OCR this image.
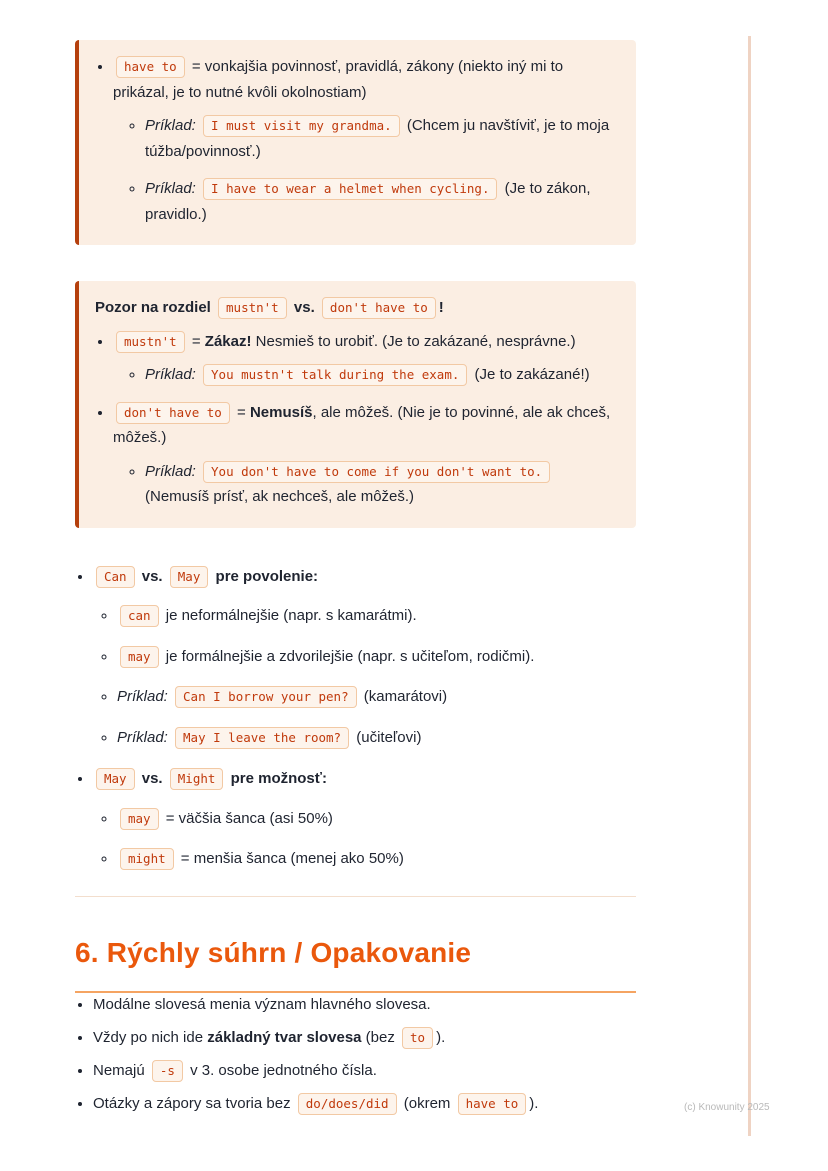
• have to = vonkajšia povinnosť, pravidlá, zákony (niekto iný mi to prikázal, je to nutné kvôli okolnostiam)
◦ Príklad: I must visit my grandma. (Chcem ju navštíviť, je to moja túžba/povinnosť.)
◦ Príklad: I have to wear a helmet when cycling. (Je to zákon, pravidlo.)

Pozor na rozdiel mustn't vs. don't have to !

• mustn't = Zákaz! Nesmieš to urobiť. (Je to zakázané, nesprávne.)
◦ Príklad: You mustn't talk during the exam. (Je to zakázané!)
• don't have to = Nemusíš, ale môžeš. (Nie je to povinné, ale ak chceš, môžeš.)
◦ Príklad: You don't have to come if you don't want to. (Nemusíš prísť, ak nechceš, ale môžeš.)
• Can vs. May pre povolenie:
◦ can je neformálnejšie (napr. s kamarátmi).
◦ may je formálnejšie a zdvorilejšie (napr. s učiteľom, rodičmi).
◦ Príklad: Can I borrow your pen? (kamarátovi)
◦ Príklad: May I leave the room? (učiteľovi)
• May vs. Might pre možnosť:
◦ may = väčšia šanca (asi 50%)
◦ might = menšia šanca (menej ako 50%)
6. Rýchly súhrn / Opakovanie
• Modálne slovesá menia význam hlavného slovesa.
• Vždy po nich ide základný tvar slovesa (bez to ).
• Nemajú -s v 3. osobe jednotného čísla.
• Otázky a zápory sa tvoria bez do/does/did (okrem have to ).	(c) Knowunity 2025
